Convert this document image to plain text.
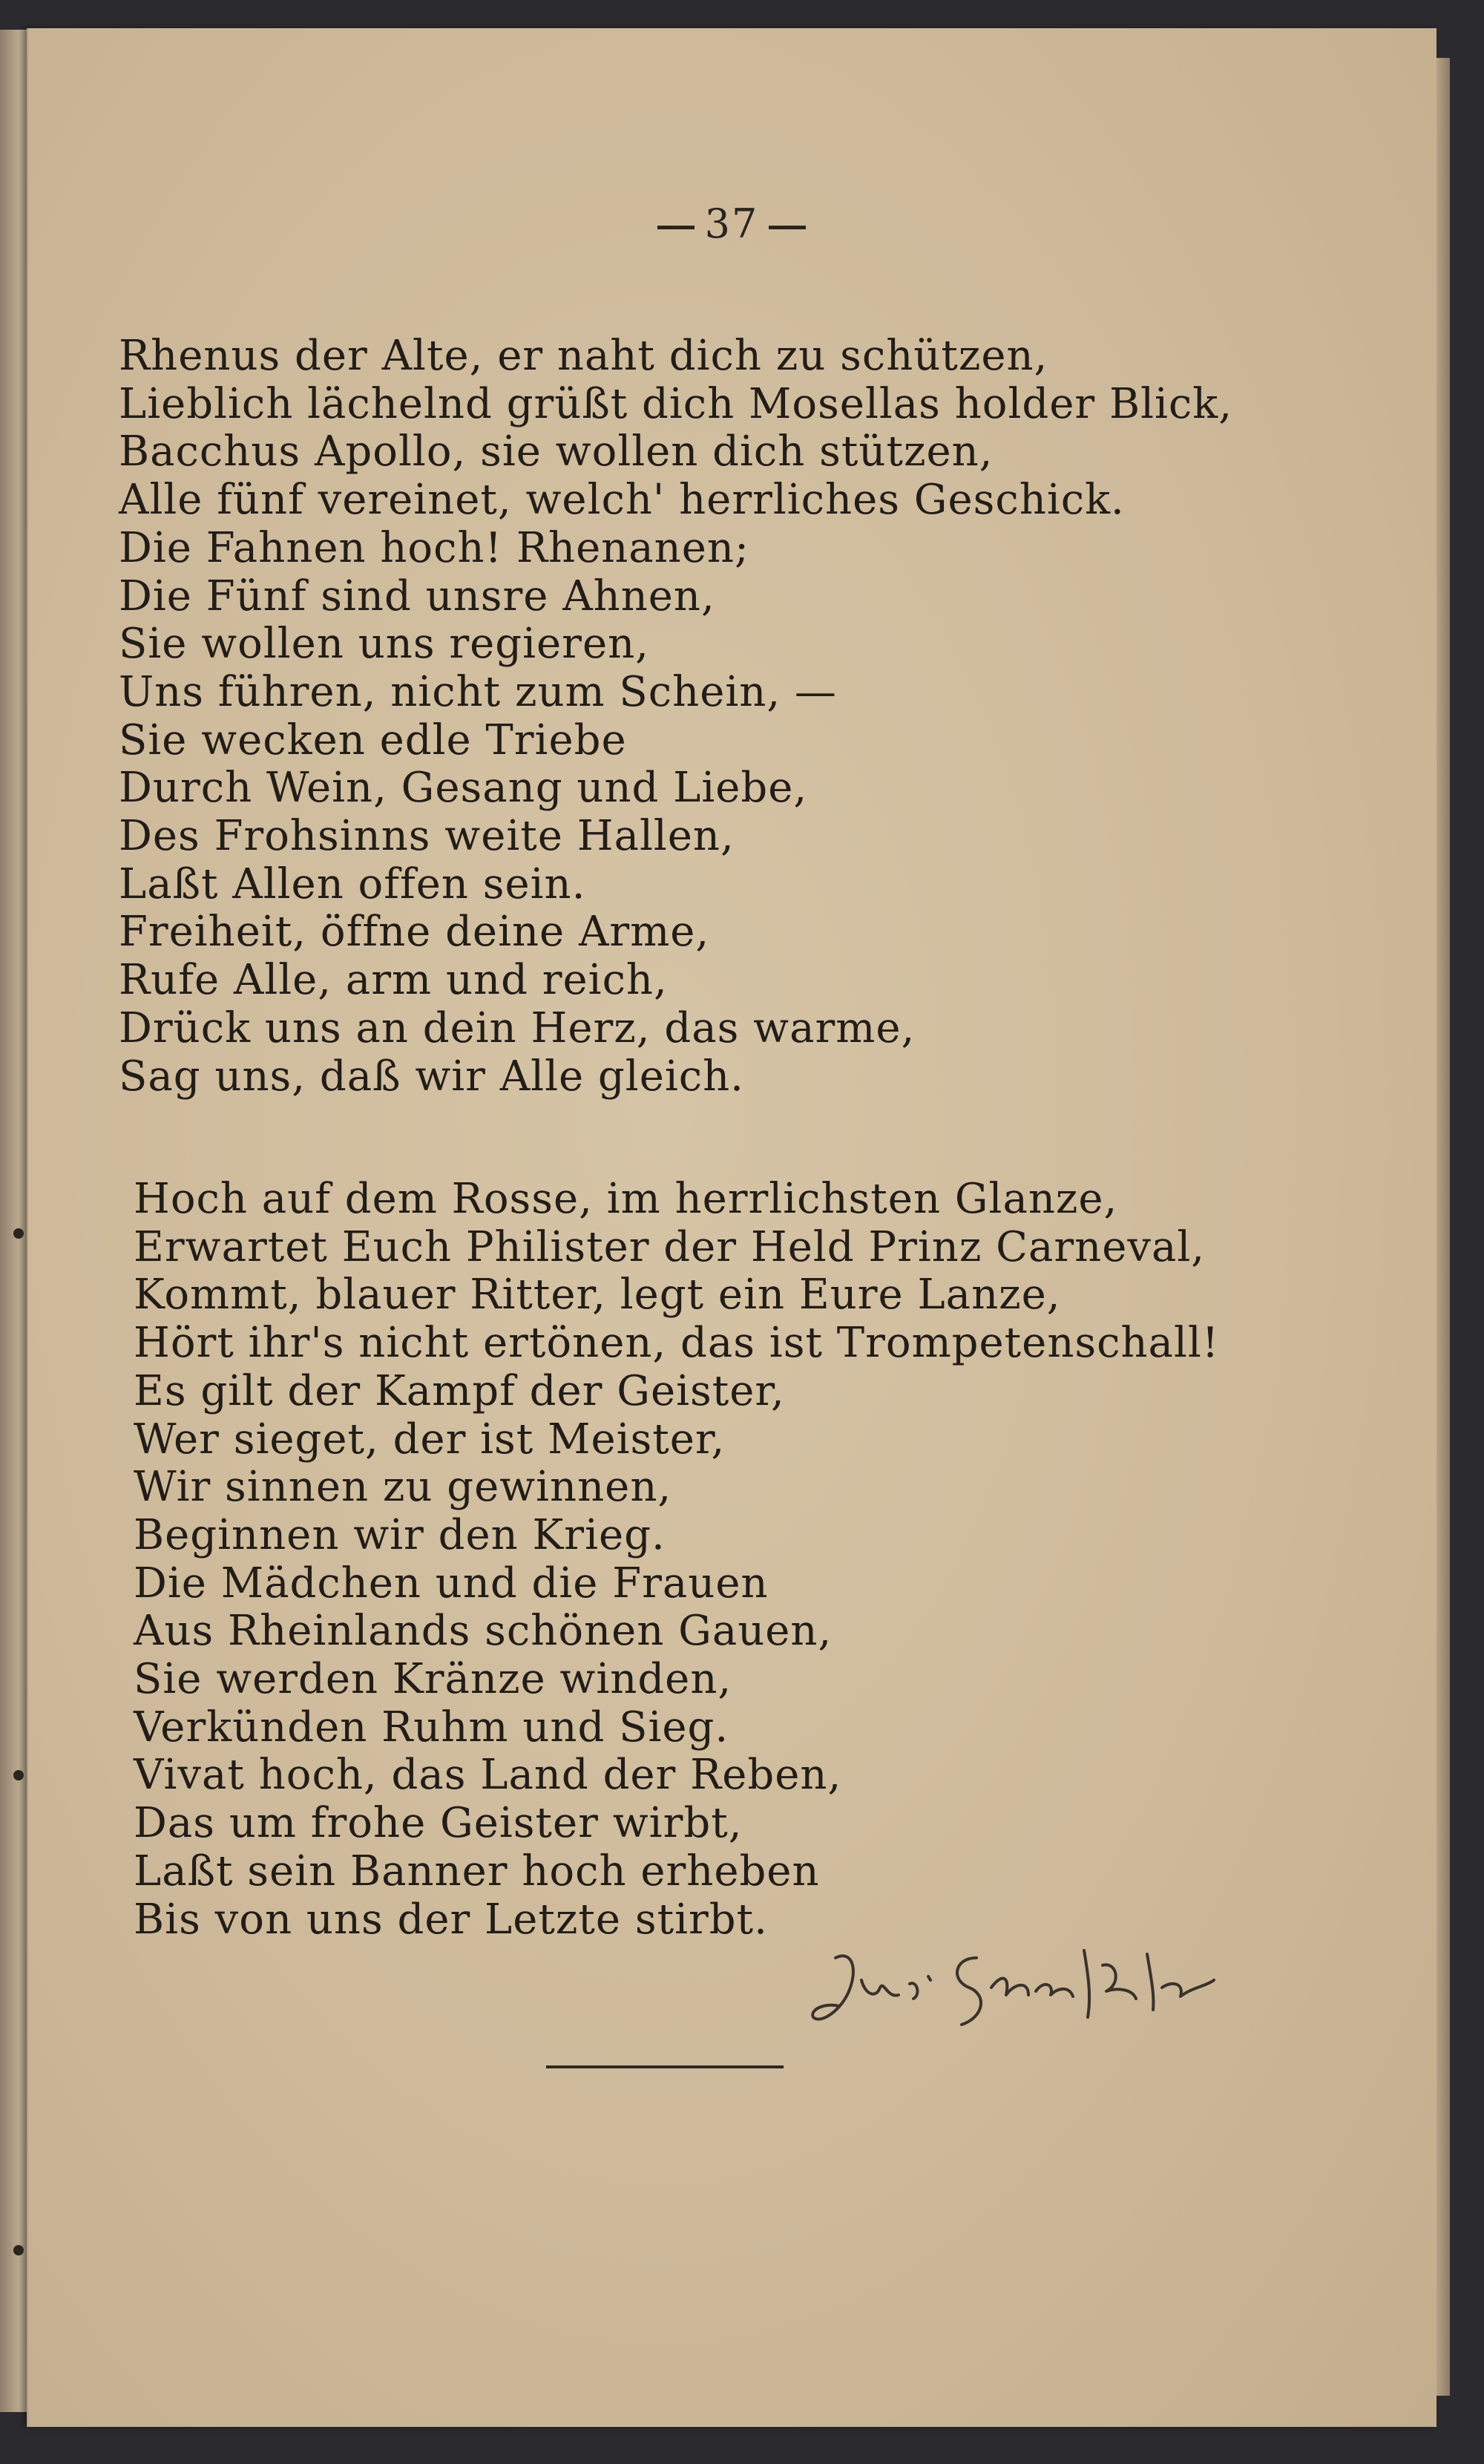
37
Rhenus der Alte, er naht dich zu schützen,
Lieblich lächelnd grüßt dich Mosellas holder Blick,
Bacchus Apollo, sie wollen dich stützen,
Alle fünf vereinet, welch' herrliches Geschick.
Die Fahnen hoch! Rhenanen;
Die Fünf sind unsre Ahnen,
Sie wollen uns regieren,
Uns führen, nicht zum Schein, —
Sie wecken edle Triebe
Durch Wein, Gesang und Liebe,
Des Frohsinns weite Hallen,
Laßt Allen offen sein.
Freiheit, öffne deine Arme,
Rufe Alle, arm und reich,
Drück uns an dein Herz, das warme,
Sag uns, daß wir Alle gleich.
Hoch auf dem Rosse, im herrlichsten Glanze,
Erwartet Euch Philister der Held Prinz Carneval,
Kommt, blauer Ritter, legt ein Eure Lanze,
Hört ihr's nicht ertönen, das ist Trompetenschall!
Es gilt der Kampf der Geister,
Wer sieget, der ist Meister,
Wir sinnen zu gewinnen,
Beginnen wir den Krieg.
Die Mädchen und die Frauen
Aus Rheinlands schönen Gauen,
Sie werden Kränze winden,
Verkünden Ruhm und Sieg.
Vivat hoch, das Land der Reben,
Das um frohe Geister wirbt,
Laßt sein Banner hoch erheben
Bis von uns der Letzte stirbt.
